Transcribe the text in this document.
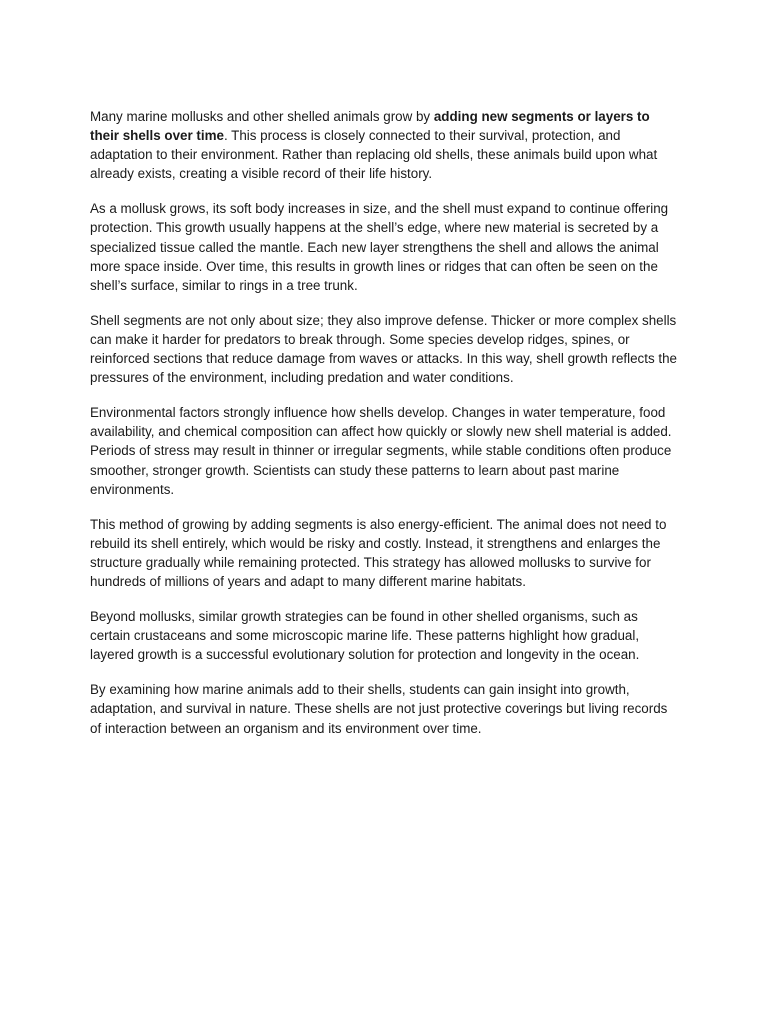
Many marine mollusks and other shelled animals grow by adding new segments or layers to their shells over time. This process is closely connected to their survival, protection, and adaptation to their environment. Rather than replacing old shells, these animals build upon what already exists, creating a visible record of their life history.

As a mollusk grows, its soft body increases in size, and the shell must expand to continue offering protection. This growth usually happens at the shell’s edge, where new material is secreted by a specialized tissue called the mantle. Each new layer strengthens the shell and allows the animal more space inside. Over time, this results in growth lines or ridges that can often be seen on the shell’s surface, similar to rings in a tree trunk.

Shell segments are not only about size; they also improve defense. Thicker or more complex shells can make it harder for predators to break through. Some species develop ridges, spines, or reinforced sections that reduce damage from waves or attacks. In this way, shell growth reflects the pressures of the environment, including predation and water conditions.

Environmental factors strongly influence how shells develop. Changes in water temperature, food availability, and chemical composition can affect how quickly or slowly new shell material is added. Periods of stress may result in thinner or irregular segments, while stable conditions often produce smoother, stronger growth. Scientists can study these patterns to learn about past marine environments.

This method of growing by adding segments is also energy-efficient. The animal does not need to rebuild its shell entirely, which would be risky and costly. Instead, it strengthens and enlarges the structure gradually while remaining protected. This strategy has allowed mollusks to survive for hundreds of millions of years and adapt to many different marine habitats.

Beyond mollusks, similar growth strategies can be found in other shelled organisms, such as certain crustaceans and some microscopic marine life. These patterns highlight how gradual, layered growth is a successful evolutionary solution for protection and longevity in the ocean.

By examining how marine animals add to their shells, students can gain insight into growth, adaptation, and survival in nature. These shells are not just protective coverings but living records of interaction between an organism and its environment over time.
